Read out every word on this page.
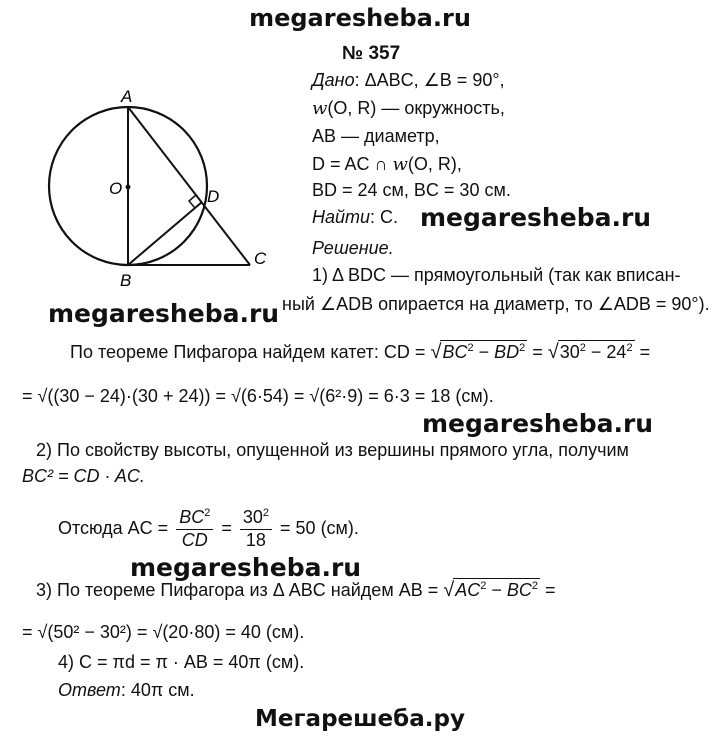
megaresheba.ru
№ 357
A
O	D
B
C
Дано: ΔABC, ∠B = 90°,
w(O, R) — окружность,
AB — диаметр,
D = AC ∩ w(O, R),
BD = 24 см, BC = 30 см.
Найти: C. megaresheba.ru
megaresheba.ru
megaresheba.ru
megaresheba.ru
Решение.
1) Δ BDC — прямоугольный (так как вписан-
ный ∠ADB опирается на диаметр, то ∠ADB = 90°).
По теореме Пифагора найдем катет: CD = $√BC^2 - BD^2 = √30^2 - 24^2$ =
= √((30 − 24)·(30 + 24)) = √(6·54) = √(6²·9) = 6·3 = 18 (см).
2) По свойству высоты, опущенной из вершины прямого угла, получим
BC² = CD · AC.
Отсюда AC = $\frac{BC^2}{CD} = \frac{30^2}{18} = 50$ (см).
3) По теореме Пифагора из Δ ABC найдем AB = $√AC^2 - BC^2$ =
= √(50² − 30²) = √(20·80) = 40 (см).
4) C = πd = π · AB = 40π (см).
Ответ: 40π см.
Мегарешеба.ру
